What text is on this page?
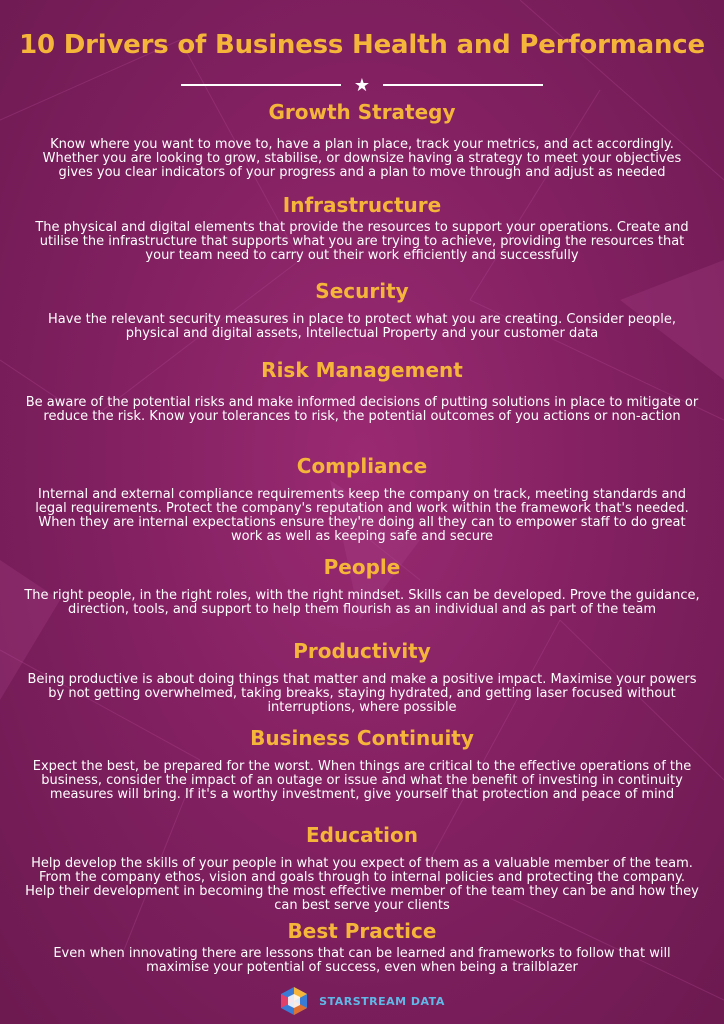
10 Drivers of Business Health and Performance
★
Growth Strategy

Know where you want to move to, have a plan in place, track your metrics, and act accordingly. Whether you are looking to grow, stabilise, or downsize having a strategy to meet your objectives gives you clear indicators of your progress and a plan to move through and adjust as needed

Infrastructure

The physical and digital elements that provide the resources to support your operations. Create and utilise the infrastructure that supports what you are trying to achieve, providing the resources that your team need to carry out their work efficiently and successfully

Security

Have the relevant security measures in place to protect what you are creating. Consider people, physical and digital assets, Intellectual Property and your customer data

Risk Management

Be aware of the potential risks and make informed decisions of putting solutions in place to mitigate or reduce the risk. Know your tolerances to risk, the potential outcomes of you actions or non-action

Compliance

Internal and external compliance requirements keep the company on track, meeting standards and legal requirements. Protect the company's reputation and work within the framework that's needed. When they are internal expectations ensure they're doing all they can to empower staff to do great work as well as keeping safe and secure

People

The right people, in the right roles, with the right mindset. Skills can be developed. Prove the guidance, direction, tools, and support to help them flourish as an individual and as part of the team

Productivity

Being productive is about doing things that matter and make a positive impact. Maximise your powers by not getting overwhelmed, taking breaks, staying hydrated, and getting laser focused without interruptions, where possible

Business Continuity

Expect the best, be prepared for the worst. When things are critical to the effective operations of the business, consider the impact of an outage or issue and what the benefit of investing in continuity measures will bring. If it's a worthy investment, give yourself that protection and peace of mind

Education

Help develop the skills of your people in what you expect of them as a valuable member of the team. From the company ethos, vision and goals through to internal policies and protecting the company. Help their development in becoming the most effective member of the team they can be and how they can best serve your clients

Best Practice

Even when innovating there are lessons that can be learned and frameworks to follow that will maximise your potential of success, even when being a trailblazer

STARSTREAM DATA
